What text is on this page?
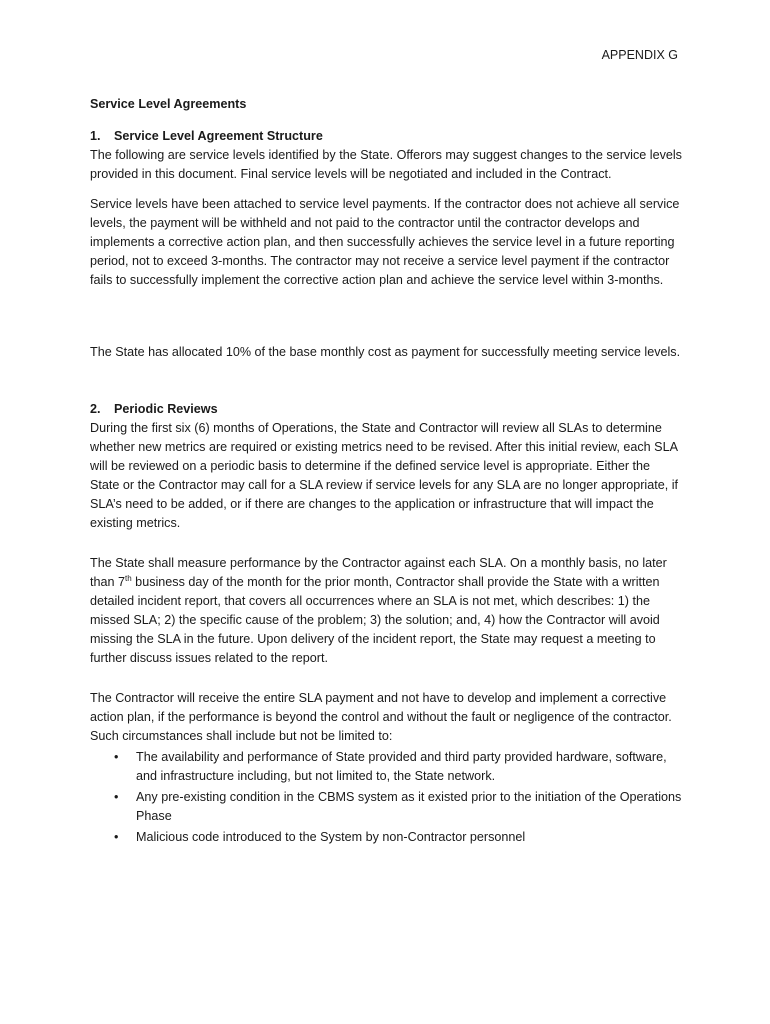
APPENDIX G
Service Level Agreements
1. Service Level Agreement Structure

The following are service levels identified by the State. Offerors may suggest changes to the service levels provided in this document. Final service levels will be negotiated and included in the Contract.

Service levels have been attached to service level payments. If the contractor does not achieve all service levels, the payment will be withheld and not paid to the contractor until the contractor develops and implements a corrective action plan, and then successfully achieves the service level in a future reporting period, not to exceed 3-months. The contractor may not receive a service level payment if the contractor fails to successfully implement the corrective action plan and achieve the service level within 3-months.

The State has allocated 10% of the base monthly cost as payment for successfully meeting service levels.

2. Periodic Reviews

During the first six (6) months of Operations, the State and Contractor will review all SLAs to determine whether new metrics are required or existing metrics need to be revised. After this initial review, each SLA will be reviewed on a periodic basis to determine if the defined service level is appropriate. Either the State or the Contractor may call for a SLA review if service levels for any SLA are no longer appropriate, if SLA’s need to be added, or if there are changes to the application or infrastructure that will impact the existing metrics.

The State shall measure performance by the Contractor against each SLA. On a monthly basis, no later than 7th business day of the month for the prior month, Contractor shall provide the State with a written detailed incident report, that covers all occurrences where an SLA is not met, which describes: 1) the missed SLA; 2) the specific cause of the problem; 3) the solution; and, 4) how the Contractor will avoid missing the SLA in the future. Upon delivery of the incident report, the State may request a meeting to further discuss issues related to the report.

The Contractor will receive the entire SLA payment and not have to develop and implement a corrective action plan, if the performance is beyond the control and without the fault or negligence of the contractor. Such circumstances shall include but not be limited to:

• The availability and performance of State provided and third party provided hardware, software, and infrastructure including, but not limited to, the State network.
• Any pre-existing condition in the CBMS system as it existed prior to the initiation of the Operations Phase
• Malicious code introduced to the System by non-Contractor personnel
